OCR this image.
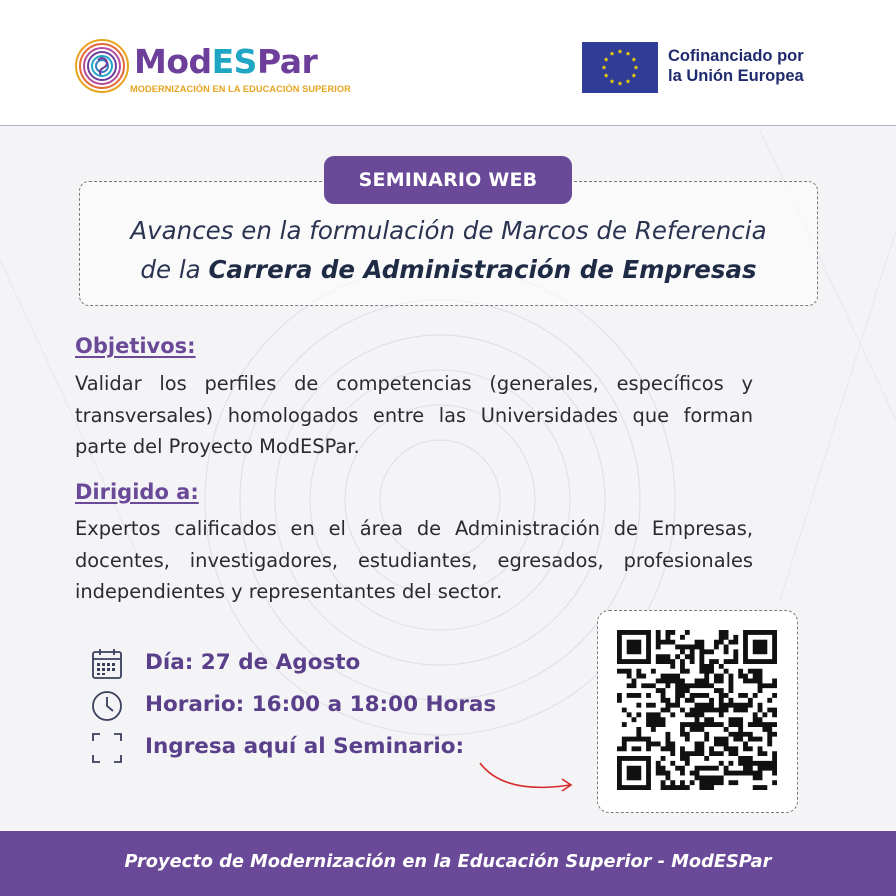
ModESPar
MODERNIZACIÓN EN LA EDUCACIÓN SUPERIOR
Cofinanciado por
la Unión Europea
SEMINARIO WEB
Avances en la formulación de Marcos de Referencia
de la Carrera de Administración de Empresas
Objetivos:
Validar los perfiles de competencias (generales, específicos y transversales) homologados entre las Universidades que forman parte del Proyecto ModESPar.
Dirigido a:
Expertos calificados en el área de Administración de Empresas, docentes, investigadores, estudiantes, egresados, profesionales independientes y representantes del sector.
Día: 27 de Agosto
Horario: 16:00 a 18:00 Horas
Ingresa aquí al Seminario:
Proyecto de Modernización en la Educación Superior - ModESPar
